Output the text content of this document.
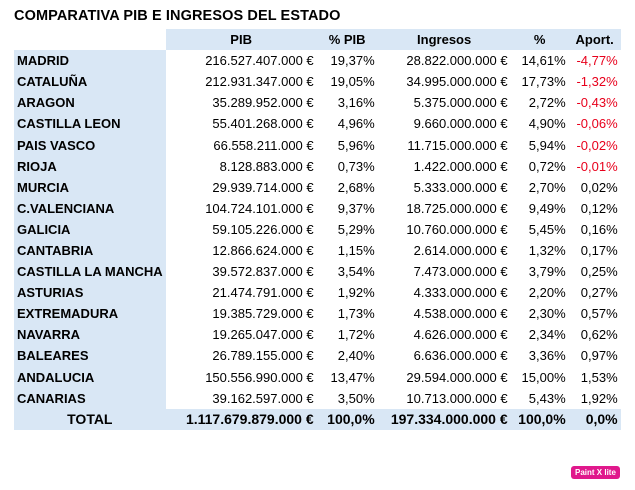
COMPARATIVA PIB E INGRESOS DEL ESTADO
	PIB	% PIB	Ingresos	%	Aport.
MADRID	216.527.407.000 €	19,37%	28.822.000.000 €	14,61%	-4,77%
CATALUÑA	212.931.347.000 €	19,05%	34.995.000.000 €	17,73%	-1,32%
ARAGON	35.289.952.000 €	3,16%	5.375.000.000 €	2,72%	-0,43%
CASTILLA LEON	55.401.268.000 €	4,96%	9.660.000.000 €	4,90%	-0,06%
PAIS VASCO	66.558.211.000 €	5,96%	11.715.000.000 €	5,94%	-0,02%
RIOJA	8.128.883.000 €	0,73%	1.422.000.000 €	0,72%	-0,01%
MURCIA	29.939.714.000 €	2,68%	5.333.000.000 €	2,70%	0,02%
C.VALENCIANA	104.724.101.000 €	9,37%	18.725.000.000 €	9,49%	0,12%
GALICIA	59.105.226.000 €	5,29%	10.760.000.000 €	5,45%	0,16%
CANTABRIA	12.866.624.000 €	1,15%	2.614.000.000 €	1,32%	0,17%
CASTILLA LA MANCHA	39.572.837.000 €	3,54%	7.473.000.000 €	3,79%	0,25%
ASTURIAS	21.474.791.000 €	1,92%	4.333.000.000 €	2,20%	0,27%
EXTREMADURA	19.385.729.000 €	1,73%	4.538.000.000 €	2,30%	0,57%
NAVARRA	19.265.047.000 €	1,72%	4.626.000.000 €	2,34%	0,62%
BALEARES	26.789.155.000 €	2,40%	6.636.000.000 €	3,36%	0,97%
ANDALUCIA	150.556.990.000 €	13,47%	29.594.000.000 €	15,00%	1,53%
CANARIAS	39.162.597.000 €	3,50%	10.713.000.000 €	5,43%	1,92%
TOTAL	1.117.679.879.000 €	100,0%	197.334.000.000 €	100,0%	0,0%
Paint X lite
